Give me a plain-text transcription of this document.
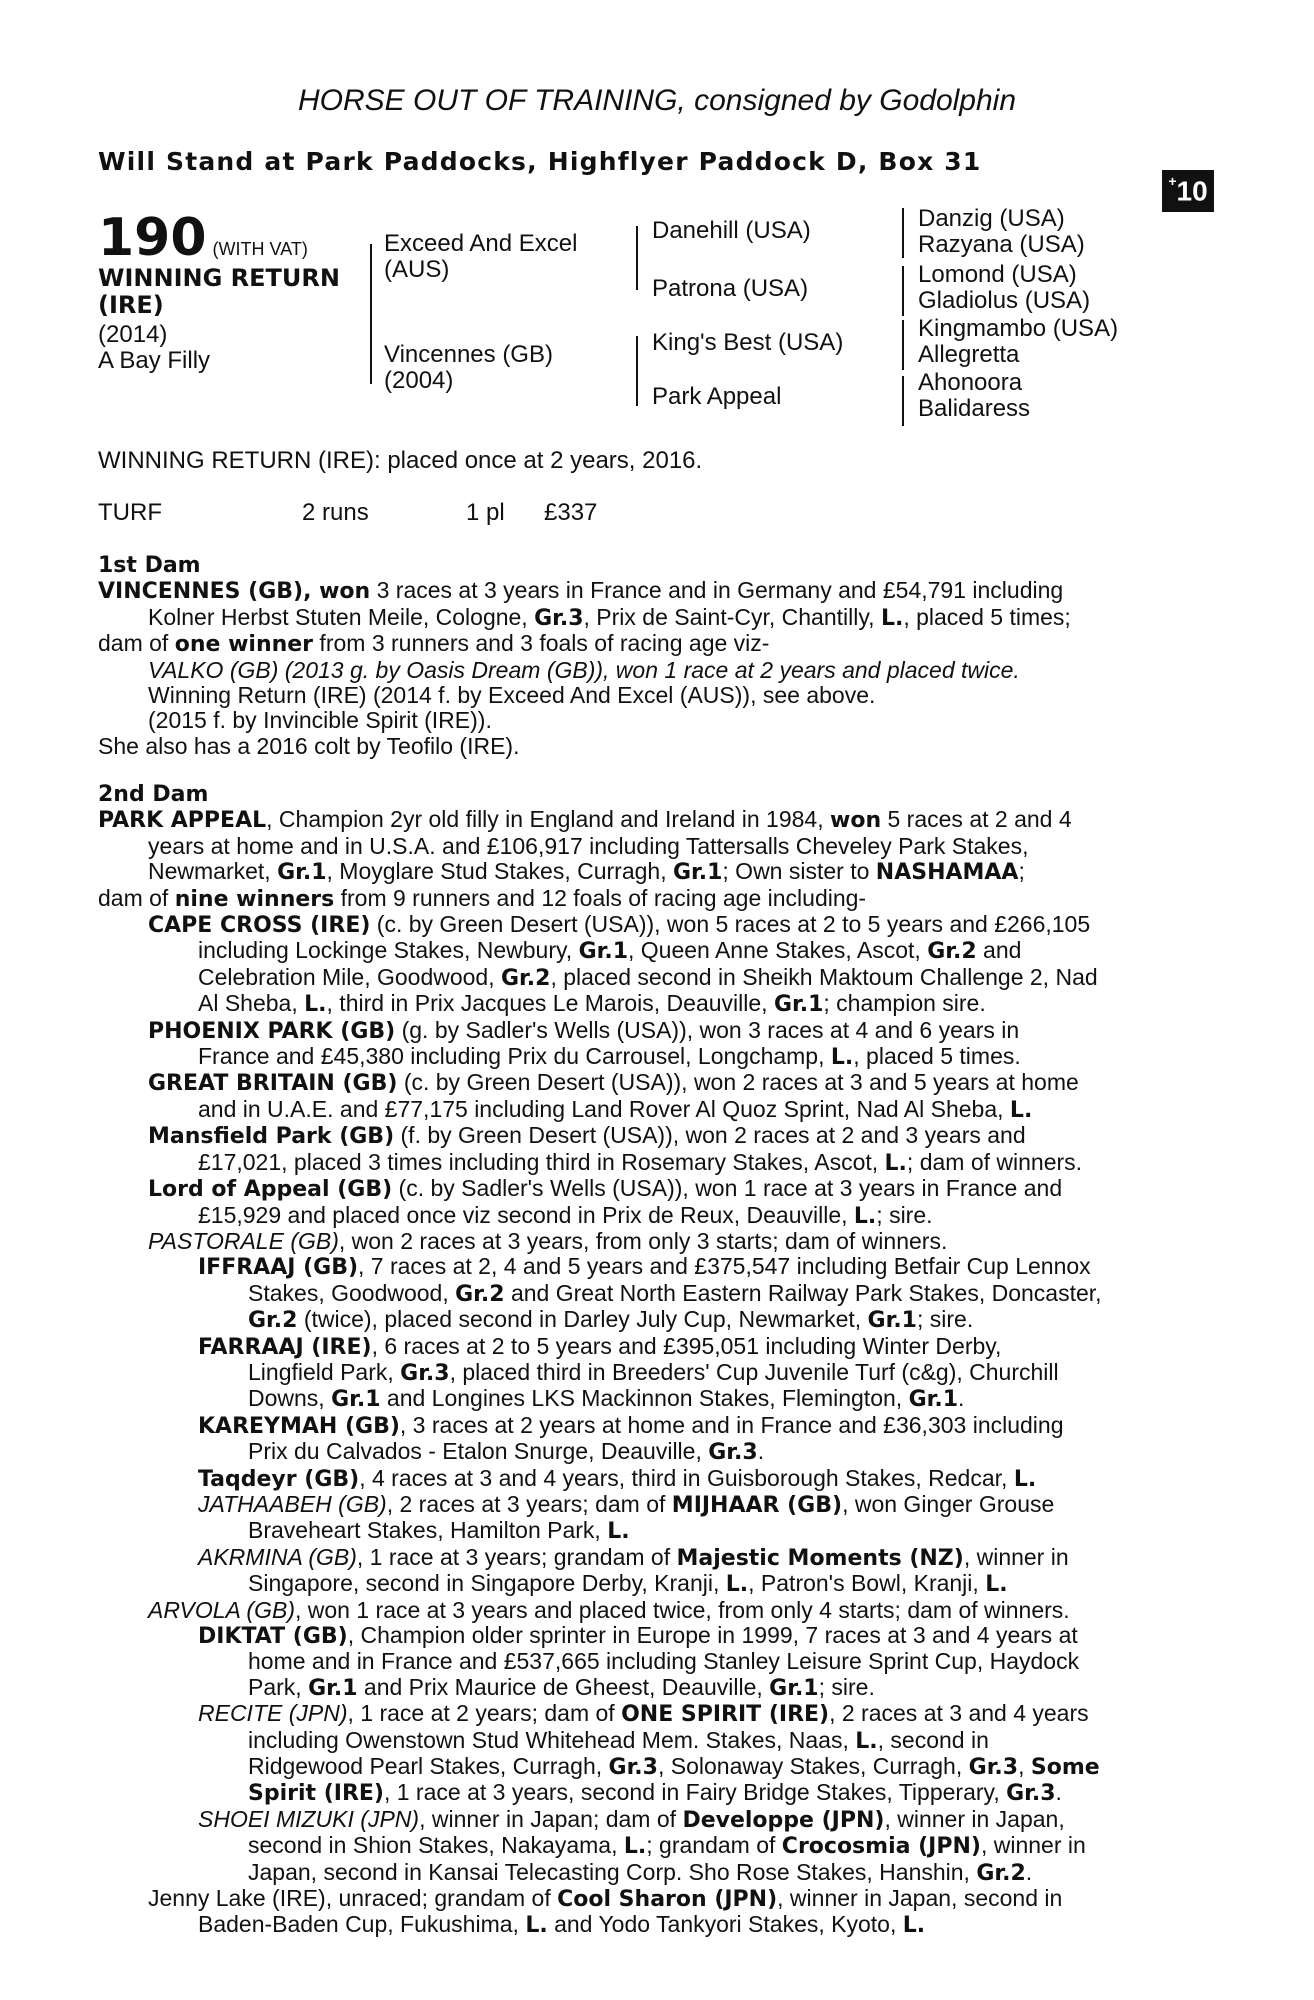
HORSE OUT OF TRAINING, consigned by Godolphin
Will Stand at Park Paddocks, Highflyer Paddock D, Box 31
+10
190 (WITH VAT)
WINNING RETURN
(IRE)
(2014)
A Bay Filly
Exceed And Excel
(AUS)
Vincennes (GB)
(2004)
Danehill (USA)
Patrona (USA)
King's Best (USA)
Park Appeal
Danzig (USA)
Razyana (USA)
Lomond (USA)
Gladiolus (USA)
Kingmambo (USA)
Allegretta
Ahonoora
Balidaress
WINNING RETURN (IRE): placed once at 2 years, 2016.
TURF	2 runs	1 pl £337
1st Dam
VINCENNES (GB), won 3 races at 3 years in France and in Germany and £54,791 including
Kolner Herbst Stuten Meile, Cologne, Gr.3, Prix de Saint-Cyr, Chantilly, L., placed 5 times;
dam of one winner from 3 runners and 3 foals of racing age viz-
VALKO (GB) (2013 g. by Oasis Dream (GB)), won 1 race at 2 years and placed twice.
Winning Return (IRE) (2014 f. by Exceed And Excel (AUS)), see above.
(2015 f. by Invincible Spirit (IRE)).
She also has a 2016 colt by Teofilo (IRE).
2nd Dam
PARK APPEAL, Champion 2yr old filly in England and Ireland in 1984, won 5 races at 2 and 4
years at home and in U.S.A. and £106,917 including Tattersalls Cheveley Park Stakes,
Newmarket, Gr.1, Moyglare Stud Stakes, Curragh, Gr.1; Own sister to NASHAMAA;
dam of nine winners from 9 runners and 12 foals of racing age including-
CAPE CROSS (IRE) (c. by Green Desert (USA)), won 5 races at 2 to 5 years and £266,105
including Lockinge Stakes, Newbury, Gr.1, Queen Anne Stakes, Ascot, Gr.2 and
Celebration Mile, Goodwood, Gr.2, placed second in Sheikh Maktoum Challenge 2, Nad
Al Sheba, L., third in Prix Jacques Le Marois, Deauville, Gr.1; champion sire.
PHOENIX PARK (GB) (g. by Sadler's Wells (USA)), won 3 races at 4 and 6 years in
France and £45,380 including Prix du Carrousel, Longchamp, L., placed 5 times.
GREAT BRITAIN (GB) (c. by Green Desert (USA)), won 2 races at 3 and 5 years at home
and in U.A.E. and £77,175 including Land Rover Al Quoz Sprint, Nad Al Sheba, L.
Mansfield Park (GB) (f. by Green Desert (USA)), won 2 races at 2 and 3 years and
£17,021, placed 3 times including third in Rosemary Stakes, Ascot, L.; dam of winners.
Lord of Appeal (GB) (c. by Sadler's Wells (USA)), won 1 race at 3 years in France and
£15,929 and placed once viz second in Prix de Reux, Deauville, L.; sire.
PASTORALE (GB), won 2 races at 3 years, from only 3 starts; dam of winners.
IFFRAAJ (GB), 7 races at 2, 4 and 5 years and £375,547 including Betfair Cup Lennox
Stakes, Goodwood, Gr.2 and Great North Eastern Railway Park Stakes, Doncaster,
Gr.2 (twice), placed second in Darley July Cup, Newmarket, Gr.1; sire.
FARRAAJ (IRE), 6 races at 2 to 5 years and £395,051 including Winter Derby,
Lingfield Park, Gr.3, placed third in Breeders' Cup Juvenile Turf (c&g), Churchill
Downs, Gr.1 and Longines LKS Mackinnon Stakes, Flemington, Gr.1.
KAREYMAH (GB), 3 races at 2 years at home and in France and £36,303 including
Prix du Calvados - Etalon Snurge, Deauville, Gr.3.
Taqdeyr (GB), 4 races at 3 and 4 years, third in Guisborough Stakes, Redcar, L.
JATHAABEH (GB), 2 races at 3 years; dam of MIJHAAR (GB), won Ginger Grouse
Braveheart Stakes, Hamilton Park, L.
AKRMINA (GB), 1 race at 3 years; grandam of Majestic Moments (NZ), winner in
Singapore, second in Singapore Derby, Kranji, L., Patron's Bowl, Kranji, L.
ARVOLA (GB), won 1 race at 3 years and placed twice, from only 4 starts; dam of winners.
DIKTAT (GB), Champion older sprinter in Europe in 1999, 7 races at 3 and 4 years at
home and in France and £537,665 including Stanley Leisure Sprint Cup, Haydock
Park, Gr.1 and Prix Maurice de Gheest, Deauville, Gr.1; sire.
RECITE (JPN), 1 race at 2 years; dam of ONE SPIRIT (IRE), 2 races at 3 and 4 years
including Owenstown Stud Whitehead Mem. Stakes, Naas, L., second in
Ridgewood Pearl Stakes, Curragh, Gr.3, Solonaway Stakes, Curragh, Gr.3, Some
Spirit (IRE), 1 race at 3 years, second in Fairy Bridge Stakes, Tipperary, Gr.3.
SHOEI MIZUKI (JPN), winner in Japan; dam of Developpe (JPN), winner in Japan,
second in Shion Stakes, Nakayama, L.; grandam of Crocosmia (JPN), winner in
Japan, second in Kansai Telecasting Corp. Sho Rose Stakes, Hanshin, Gr.2.
Jenny Lake (IRE), unraced; grandam of Cool Sharon (JPN), winner in Japan, second in
Baden-Baden Cup, Fukushima, L. and Yodo Tankyori Stakes, Kyoto, L.
